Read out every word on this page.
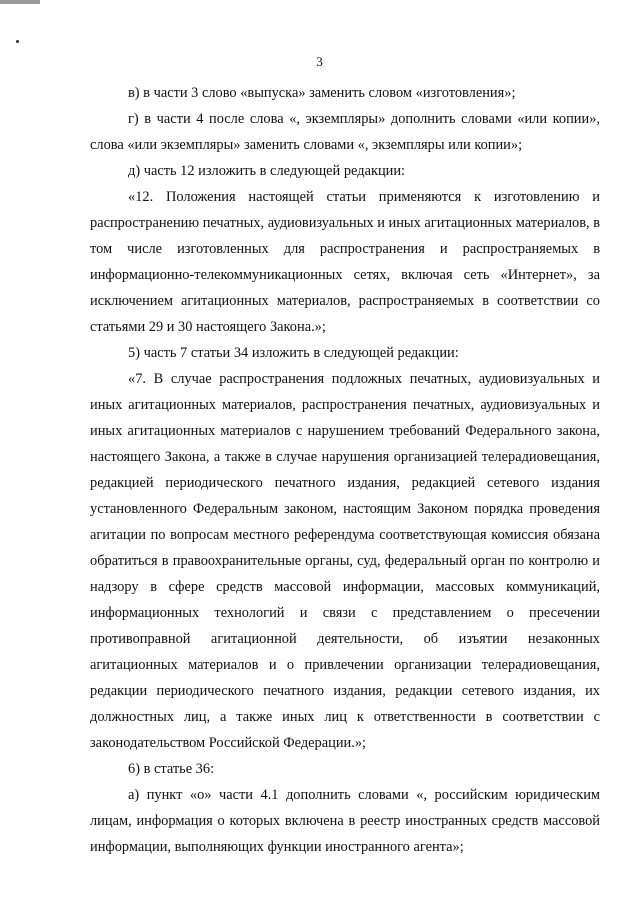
3

в) в части 3 слово «выпуска» заменить словом «изготовления»;

г) в части 4 после слова «, экземпляры» дополнить словами «или копии», слова «или экземпляры» заменить словами «, экземпляры или копии»;

д) часть 12 изложить в следующей редакции:

«12. Положения настоящей статьи применяются к изготовлению и распространению печатных, аудиовизуальных и иных агитационных материалов, в том числе изготовленных для распространения и распространяемых в информационно-телекоммуникационных сетях, включая сеть «Интернет», за исключением агитационных материалов, распространяемых в соответствии со статьями 29 и 30 настоящего Закона.»;

5) часть 7 статьи 34 изложить в следующей редакции:

«7. В случае распространения подложных печатных, аудиовизуальных и иных агитационных материалов, распространения печатных, аудиовизуальных и иных агитационных материалов с нарушением требований Федерального закона, настоящего Закона, а также в случае нарушения организацией телерадиовещания, редакцией периодического печатного издания, редакцией сетевого издания установленного Федеральным законом, настоящим Законом порядка проведения агитации по вопросам местного референдума соответствующая комиссия обязана обратиться в правоохранительные органы, суд, федеральный орган по контролю и надзору в сфере средств массовой информации, массовых коммуникаций, информационных технологий и связи с представлением о пресечении противоправной агитационной деятельности, об изъятии незаконных агитационных материалов и о привлечении организации телерадиовещания, редакции периодического печатного издания, редакции сетевого издания, их должностных лиц, а также иных лиц к ответственности в соответствии с законодательством Российской Федерации.»;

6) в статье 36:

а) пункт «о» части 4.1 дополнить словами «, российским юридическим лицам, информация о которых включена в реестр иностранных средств массовой информации, выполняющих функции иностранного агента»;
